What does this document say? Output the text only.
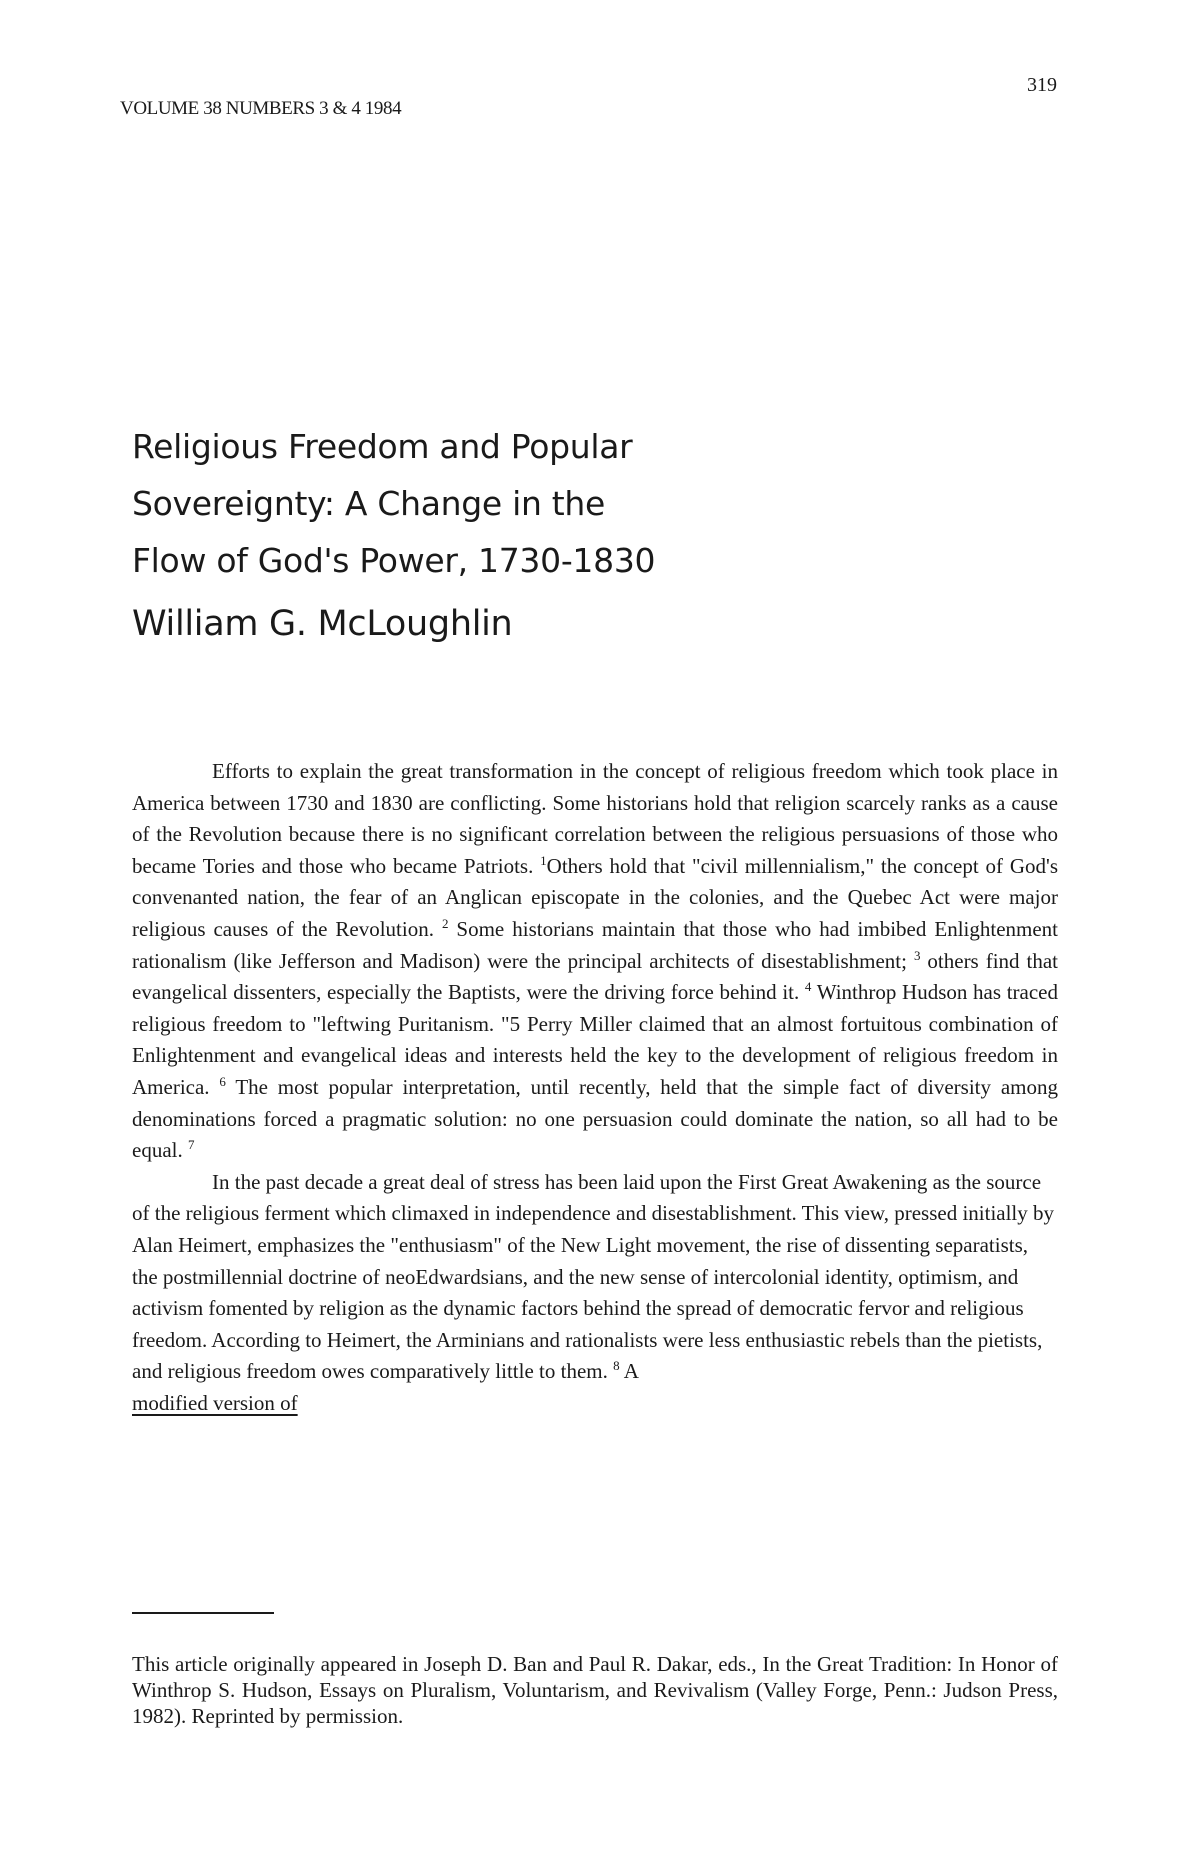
VOLUME 38 NUMBERS 3 & 4 1984
319
Religious Freedom and Popular
Sovereignty: A Change in the
Flow of God's Power, 1730-1830
William G. McLoughlin

Efforts to explain the great transformation in the concept of religious freedom which took place in America between 1730 and 1830 are conflicting. Some historians hold that religion scarcely ranks as a cause of the Revolution because there is no significant correlation between the religious persuasions of those who became Tories and those who became Patriots. $^1$Others hold that "civil millennialism," the concept of God's convenanted nation, the fear of an Anglican episcopate in the colonies, and the Quebec Act were major religious causes of the Revolution. $^2$ Some historians maintain that those who had imbibed Enlightenment rationalism (like Jefferson and Madison) were the principal architects of disestablishment; $^3$ others find that evangelical dissenters, especially the Baptists, were the driving force behind it. $^4$ Winthrop Hudson has traced religious freedom to "leftwing Puritanism. "5 Perry Miller claimed that an almost fortuitous combination of Enlightenment and evangelical ideas and interests held the key to the development of religious freedom in America. $^6$ The most popular interpretation, until recently, held that the simple fact of diversity among denominations forced a pragmatic solution: no one persuasion could dominate the nation, so all had to be equal. $^7$

In the past decade a great deal of stress has been laid upon the First Great Awakening as the source of the religious ferment which climaxed in independence and disestablishment. This view, pressed initially by Alan Heimert, emphasizes the "enthusiasm" of the New Light movement, the rise of dissenting separatists, the postmillennial doctrine of neoEdwardsians, and the new sense of intercolonial identity, optimism, and activism fomented by religion as the dynamic factors behind the spread of democratic fervor and religious freedom. According to Heimert, the Arminians and rationalists were less enthusiastic rebels than the pietists, and religious freedom owes comparatively little to them. $^8$ A
modified version of

This article originally appeared in Joseph D. Ban and Paul R. Dakar, eds., In the Great Tradition: In Honor of Winthrop S. Hudson, Essays on Pluralism, Voluntarism, and Revivalism (Valley Forge, Penn.: Judson Press, 1982). Reprinted by permission.
